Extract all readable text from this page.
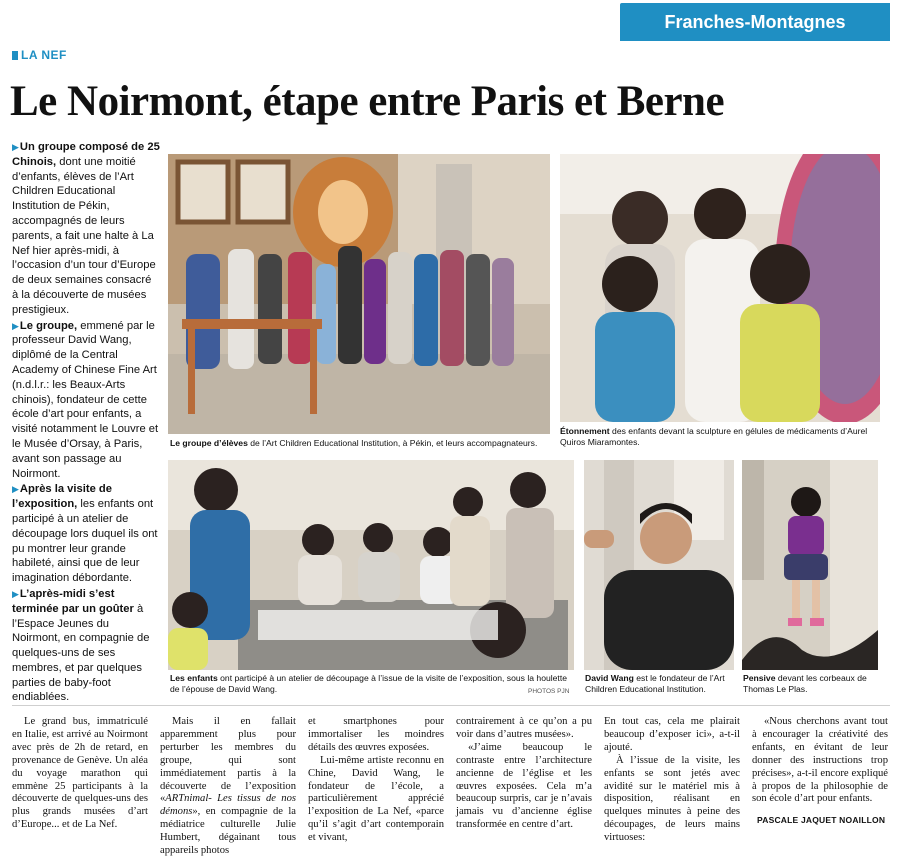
Franches-Montagnes
LA NEF
Le Noirmont, étape entre Paris et Berne

▶Un groupe composé de 25 Chinois, dont une moitié d’enfants, élèves de l’Art Children Educational Institution de Pékin, accompagnés de leurs parents, a fait une halte à La Nef hier après-midi, à l’occasion d’un tour d’Europe de deux semaines consacré à la découverte de musées prestigieux.

▶Le groupe, emmené par le professeur David Wang, diplômé de la Central Academy of Chinese Fine Art (n.d.l.r.: les Beaux-Arts chinois), fondateur de cette école d’art pour enfants, a visité notamment le Louvre et le Musée d’Orsay, à Paris, avant son passage au Noirmont.

▶Après la visite de l’exposition, les enfants ont participé à un atelier de découpage lors duquel ils ont pu montrer leur grande habileté, ainsi que de leur imagination débordante.

▶L’après-midi s’est terminée par un goûter à l’Espace Jeunes du Noirmont, en compagnie de quelques-uns de ses membres, et par quelques parties de baby-foot endiablées.

Le groupe d’élèves de l’Art Children Educational Institution, à Pékin, et leurs accompagnateurs.
Étonnement des enfants devant la sculpture en gélules de médicaments d’Aurel Quiros Miaramontes.
Les enfants ont participé à un atelier de découpage à l’issue de la visite de l’exposition, sous la houlette de l’épouse de David Wang.	PHOTOS PJN
David Wang est le fondateur de l’Art Children Educational Institution.
Pensive devant les corbeaux de Thomas Le Plas.

Le grand bus, immatriculé en Italie, est arrivé au Noirmont avec près de 2h de retard, en provenance de Genève. Un aléa du voyage marathon qui emmène 25 participants à la découverte de quelques-uns des plus grands musées d’art d’Europe... et de La Nef.

Mais il en fallait apparemment plus pour perturber les membres du groupe, qui sont immédiatement partis à la découverte de l’exposition «ARTnimal- Les tissus de nos démons», en compagnie de la médiatrice culturelle Julie Humbert, dégainant tous appareils photos

et smartphones pour immortaliser les moindres détails des œuvres exposées.

Lui-même artiste reconnu en Chine, David Wang, le fondateur de l’école, a particulièrement apprécié l’exposition de La Nef, «parce qu’il s’agit d’art contemporain et vivant,

contrairement à ce qu’on a pu voir dans d’autres musées».

«J’aime beaucoup le contraste entre l’architecture ancienne de l’église et les œuvres exposées. Cela m’a beaucoup surpris, car je n’avais jamais vu d’ancienne église transformée en centre d’art.

En tout cas, cela me plairait beaucoup d’exposer ici», a-t-il ajouté.

À l’issue de la visite, les enfants se sont jetés avec avidité sur le matériel mis à disposition, réalisant en quelques minutes à peine des découpages, de leurs mains virtuoses:

«Nous cherchons avant tout à encourager la créativité des enfants, en évitant de leur donner des instructions trop précises», a-t-il encore expliqué à propos de la philosophie de son école d’art pour enfants.

PASCALE JAQUET NOAILLON
